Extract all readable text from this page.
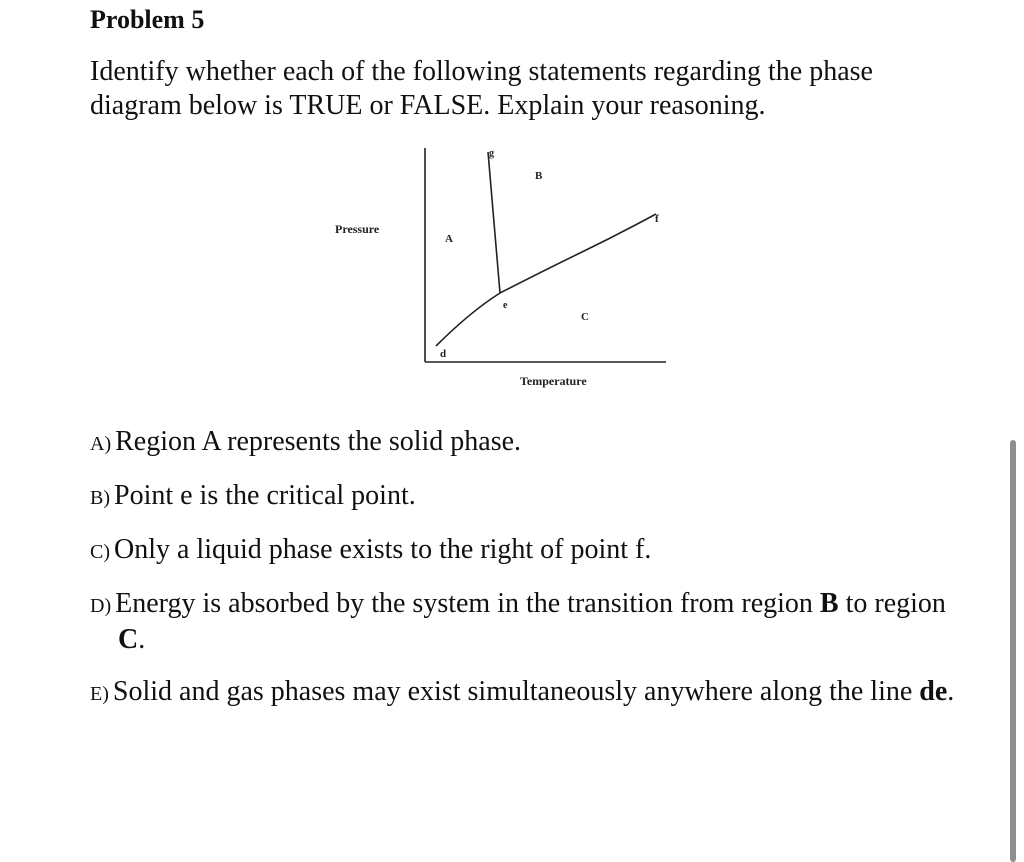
Problem 5

Identify whether each of the following statements regarding the phase
diagram below is TRUE or FALSE. Explain your reasoning.

Pressure
Temperature
A
B
C
d
e
f
g
A) Region A represents the solid phase.
B) Point e is the critical point.
C) Only a liquid phase exists to the right of point f.
D) Energy is absorbed by the system in the transition from region B to region C.
E) Solid and gas phases may exist simultaneously anywhere along the line de.
